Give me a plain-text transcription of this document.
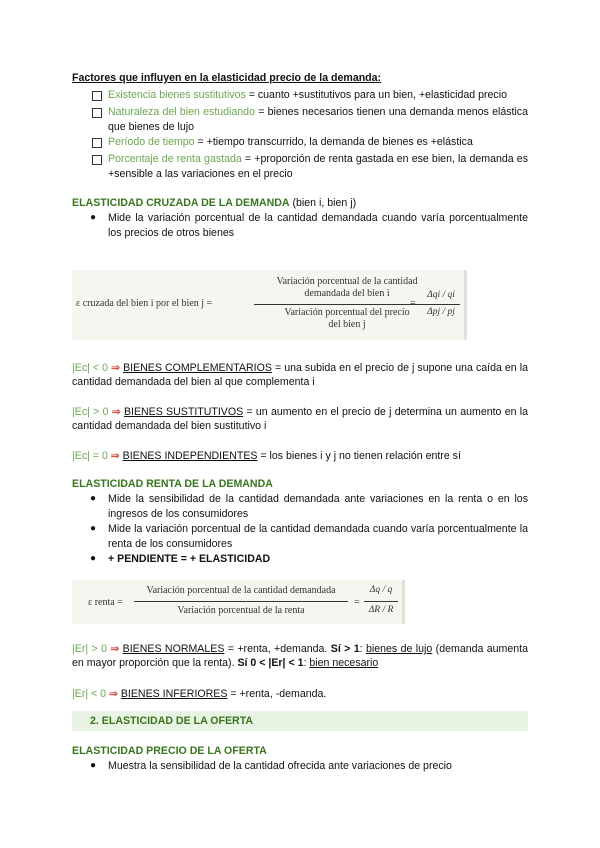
Factores que influyen en la elasticidad precio de la demanda:
Existencia bienes sustitutivos = cuanto +sustitutivos para un bien, +elasticidad precio
Naturaleza del bien estudiando = bienes necesarios tienen una demanda menos elástica que bienes de lujo
Período de tiempo = +tiempo transcurrido, la demanda de bienes es +elástica
Porcentaje de renta gastada = +proporción de renta gastada en ese bien, la demanda es +sensible a las variaciones en el precio
ELASTICIDAD CRUZADA DE LA DEMANDA (bien i, bien j)
● Mide la variación porcentual de la cantidad demandada cuando varía porcentualmente los precios de otros bienes
ε cruzada del bien i por el bien j =
Variación porcentual de la cantidad
demandada del bien i
Variación porcentual del precio
del bien j
=
Δqi / qi
Δpj / pj
|Ec| < 0 ⇒ BIENES COMPLEMENTARIOS = una subida en el precio de j supone una caída en la cantidad demandada del bien al que complementa i
|Ec| > 0 ⇒ BIENES SUSTITUTIVOS = un aumento en el precio de j determina un aumento en la cantidad demandada del bien sustitutivo i
|Ec| = 0 ⇒ BIENES INDEPENDIENTES = los bienes i y j no tienen relación entre sí
ELASTICIDAD RENTA DE LA DEMANDA
● Mide la sensibilidad de la cantidad demandada ante variaciones en la renta o en los ingresos de los consumidores
● Mide la variación porcentual de la cantidad demandada cuando varía porcentualmente la renta de los consumidores
● + PENDIENTE = + ELASTICIDAD
ε renta =
Variación porcentual de la cantidad demandada
Variación porcentual de la renta
=
Δq / q
ΔR / R
|Er| > 0 ⇒ BIENES NORMALES = +renta, +demanda. Sí > 1: bienes de lujo (demanda aumenta en mayor proporción que la renta). Sí 0 < |Er| < 1: bien necesario
|Er| < 0 ⇒ BIENES INFERIORES = +renta, -demanda.
2. ELASTICIDAD DE LA OFERTA
ELASTICIDAD PRECIO DE LA OFERTA
● Muestra la sensibilidad de la cantidad ofrecida ante variaciones de precio
